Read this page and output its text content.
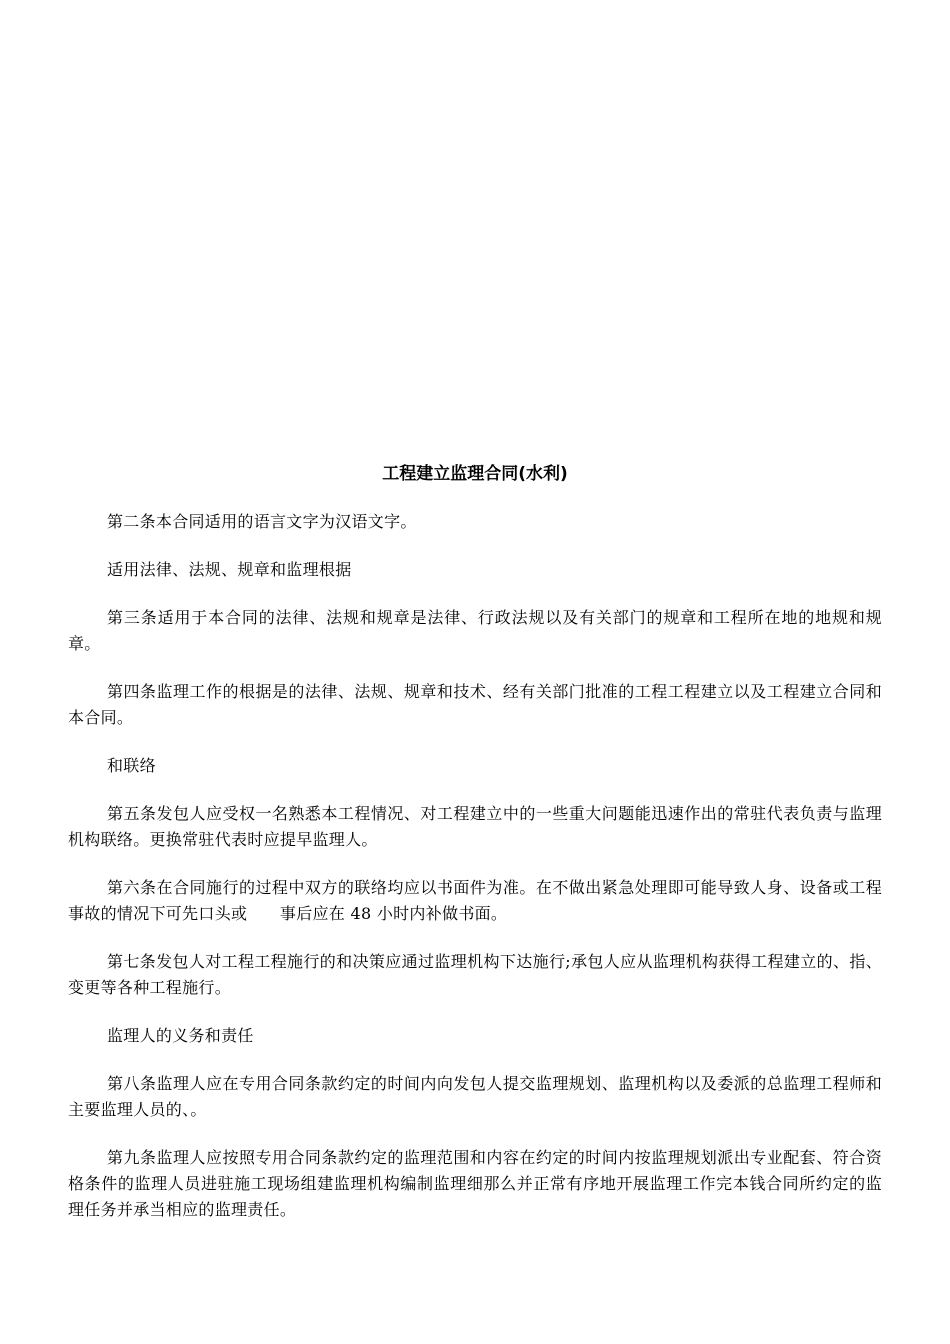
工程建立监理合同(水利)

第二条本合同适用的语言文字为汉语文字。

适用法律、法规、规章和监理根据

第三条适用于本合同的法律、法规和规章是法律、行政法规以及有关部门的规章和工程所在地的地规和规章。

第四条监理工作的根据是的法律、法规、规章和技术、经有关部门批准的工程工程建立以及工程建立合同和本合同。

和联络

第五条发包人应受权一名熟悉本工程情况、对工程建立中的一些重大问题能迅速作出的常驻代表负责与监理机构联络。更换常驻代表时应提早监理人。

第六条在合同施行的过程中双方的联络均应以书面件为准。在不做出紧急处理即可能导致人身、设备或工程事故的情况下可先口头或　　事后应在 48 小时内补做书面。

第七条发包人对工程工程施行的和决策应通过监理机构下达施行;承包人应从监理机构获得工程建立的、指、变更等各种工程施行。

监理人的义务和责任

第八条监理人应在专用合同条款约定的时间内向发包人提交监理规划、监理机构以及委派的总监理工程师和主要监理人员的、。

第九条监理人应按照专用合同条款约定的监理范围和内容在约定的时间内按监理规划派出专业配套、符合资格条件的监理人员进驻施工现场组建监理机构编制监理细那么并正常有序地开展监理工作完本钱合同所约定的监理任务并承当相应的监理责任。
